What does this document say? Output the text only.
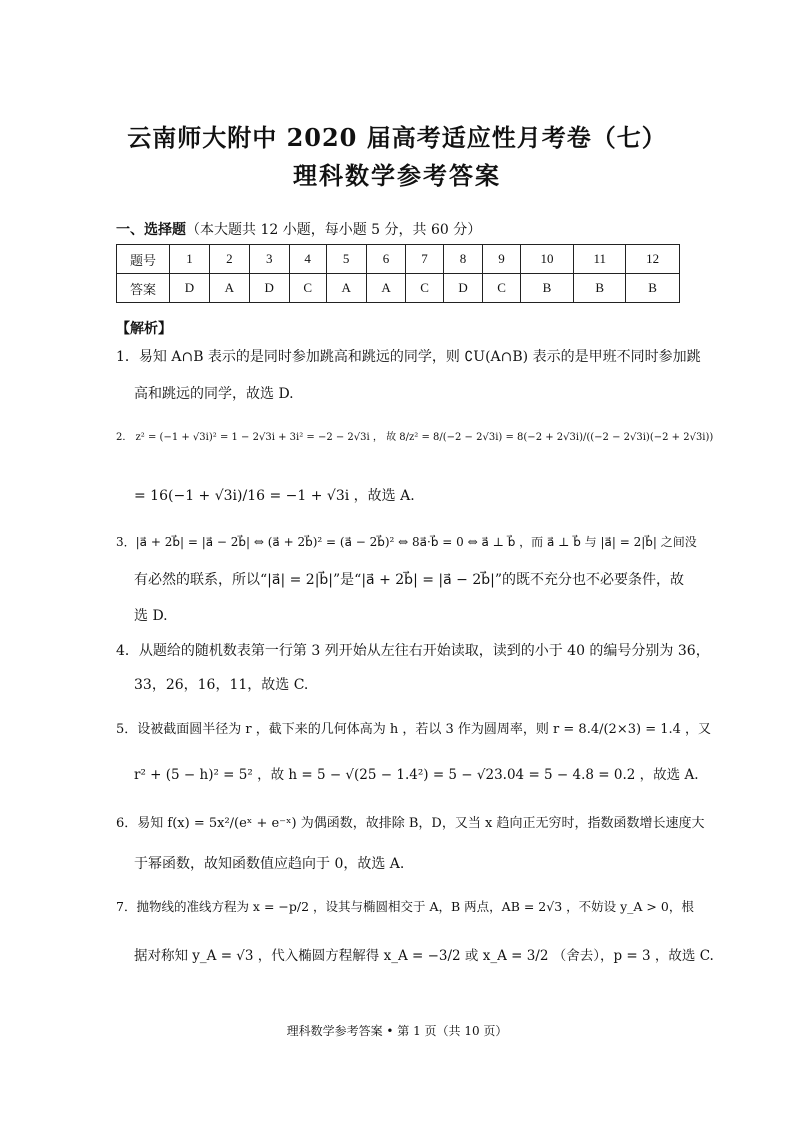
云南师大附中 2020 届高考适应性月考卷（七）
理科数学参考答案
一、选择题（本大题共 12 小题，每小题 5 分，共 60 分）
题号	1	2	3	4	5	6	7	8	9	10	11	12
答案	D	A	D	C	A	A	C	D	C	B	B	B
【解析】
1．易知 A∩B 表示的是同时参加跳高和跳远的同学，则 ∁U(A∩B) 表示的是甲班不同时参加跳
高和跳远的同学，故选 D.
2． z² = (−1 + √3i)² = 1 − 2√3i + 3i² = −2 − 2√3i ， 故 8/z² = 8/(−2 − 2√3i) = 8(−2 + 2√3i)/((−2 − 2√3i)(−2 + 2√3i))
= 16(−1 + √3i)/16 = −1 + √3i ，故选 A.
3．|a⃗ + 2b⃗| = |a⃗ − 2b⃗| ⇔ (a⃗ + 2b⃗)² = (a⃗ − 2b⃗)² ⇔ 8a⃗·b⃗ = 0 ⇔ a⃗ ⊥ b⃗ ，而 a⃗ ⊥ b⃗ 与 |a⃗| = 2|b⃗| 之间没
有必然的联系，所以“|a⃗| = 2|b⃗|”是“|a⃗ + 2b⃗| = |a⃗ − 2b⃗|”的既不充分也不必要条件，故
选 D.
4．从题给的随机数表第一行第 3 列开始从左往右开始读取，读到的小于 40 的编号分别为 36，
33，26，16，11，故选 C.
5．设被截面圆半径为 r ，截下来的几何体高为 h ，若以 3 作为圆周率，则 r = 8.4/(2×3) = 1.4 ，又
r² + (5 − h)² = 5² ，故 h = 5 − √(25 − 1.4²) = 5 − √23.04 = 5 − 4.8 = 0.2 ，故选 A.
6．易知 f(x) = 5x²/(eˣ + e⁻ˣ) 为偶函数，故排除 B，D，又当 x 趋向正无穷时，指数函数增长速度大
于幂函数，故知函数值应趋向于 0，故选 A.
7．抛物线的准线方程为 x = −p/2 ，设其与椭圆相交于 A，B 两点，AB = 2√3 ，不妨设 y_A > 0，根
据对称知 y_A = √3 ，代入椭圆方程解得 x_A = −3/2 或 x_A = 3/2 （舍去），p = 3 ，故选 C.
理科数学参考答案 • 第 1 页（共 10 页）
